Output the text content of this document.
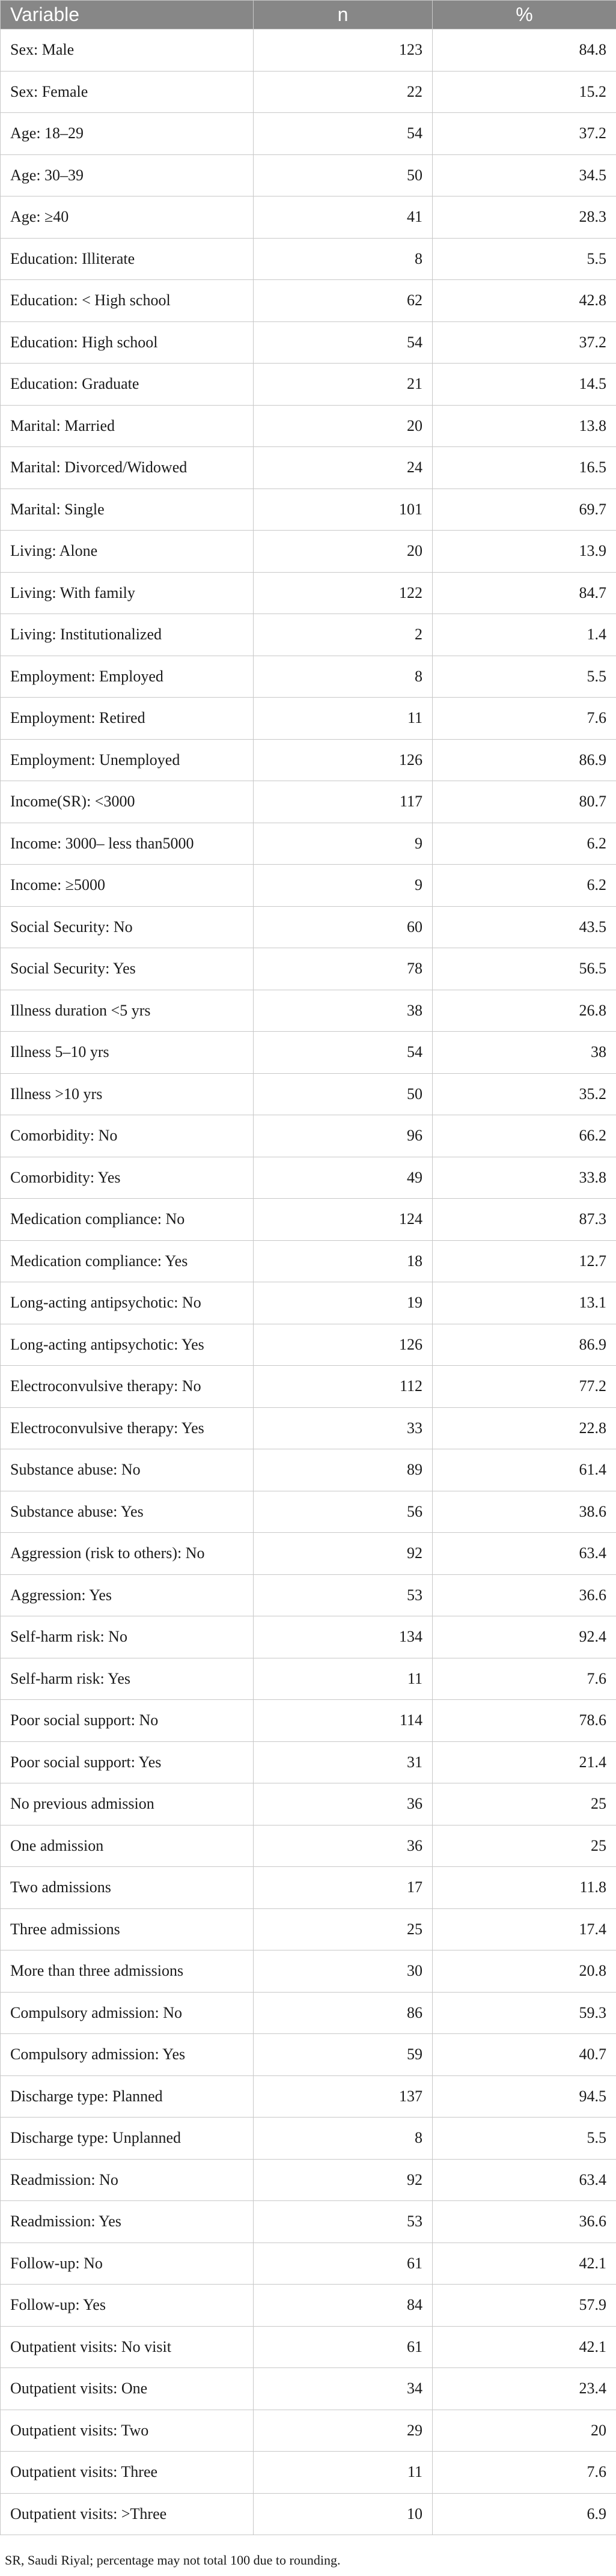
Variable	n	%
Sex: Male	123	84.8
Sex: Female	22	15.2
Age: 18–29	54	37.2
Age: 30–39	50	34.5
Age: ≥40	41	28.3
Education: Illiterate	8	5.5
Education: < High school	62	42.8
Education: High school	54	37.2
Education: Graduate	21	14.5
Marital: Married	20	13.8
Marital: Divorced/Widowed	24	16.5
Marital: Single	101	69.7
Living: Alone	20	13.9
Living: With family	122	84.7
Living: Institutionalized	2	1.4
Employment: Employed	8	5.5
Employment: Retired	11	7.6
Employment: Unemployed	126	86.9
Income(SR): <3000	117	80.7
Income: 3000– less than5000	9	6.2
Income: ≥5000	9	6.2
Social Security: No	60	43.5
Social Security: Yes	78	56.5
Illness duration <5 yrs	38	26.8
Illness 5–10 yrs	54	38
Illness >10 yrs	50	35.2
Comorbidity: No	96	66.2
Comorbidity: Yes	49	33.8
Medication compliance: No	124	87.3
Medication compliance: Yes	18	12.7
Long-acting antipsychotic: No	19	13.1
Long-acting antipsychotic: Yes	126	86.9
Electroconvulsive therapy: No	112	77.2
Electroconvulsive therapy: Yes	33	22.8
Substance abuse: No	89	61.4
Substance abuse: Yes	56	38.6
Aggression (risk to others): No	92	63.4
Aggression: Yes	53	36.6
Self-harm risk: No	134	92.4
Self-harm risk: Yes	11	7.6
Poor social support: No	114	78.6
Poor social support: Yes	31	21.4
No previous admission	36	25
One admission	36	25
Two admissions	17	11.8
Three admissions	25	17.4
More than three admissions	30	20.8
Compulsory admission: No	86	59.3
Compulsory admission: Yes	59	40.7
Discharge type: Planned	137	94.5
Discharge type: Unplanned	8	5.5
Readmission: No	92	63.4
Readmission: Yes	53	36.6
Follow-up: No	61	42.1
Follow-up: Yes	84	57.9
Outpatient visits: No visit	61	42.1
Outpatient visits: One	34	23.4
Outpatient visits: Two	29	20
Outpatient visits: Three	11	7.6
Outpatient visits: >Three	10	6.9
SR, Saudi Riyal; percentage may not total 100 due to rounding.
